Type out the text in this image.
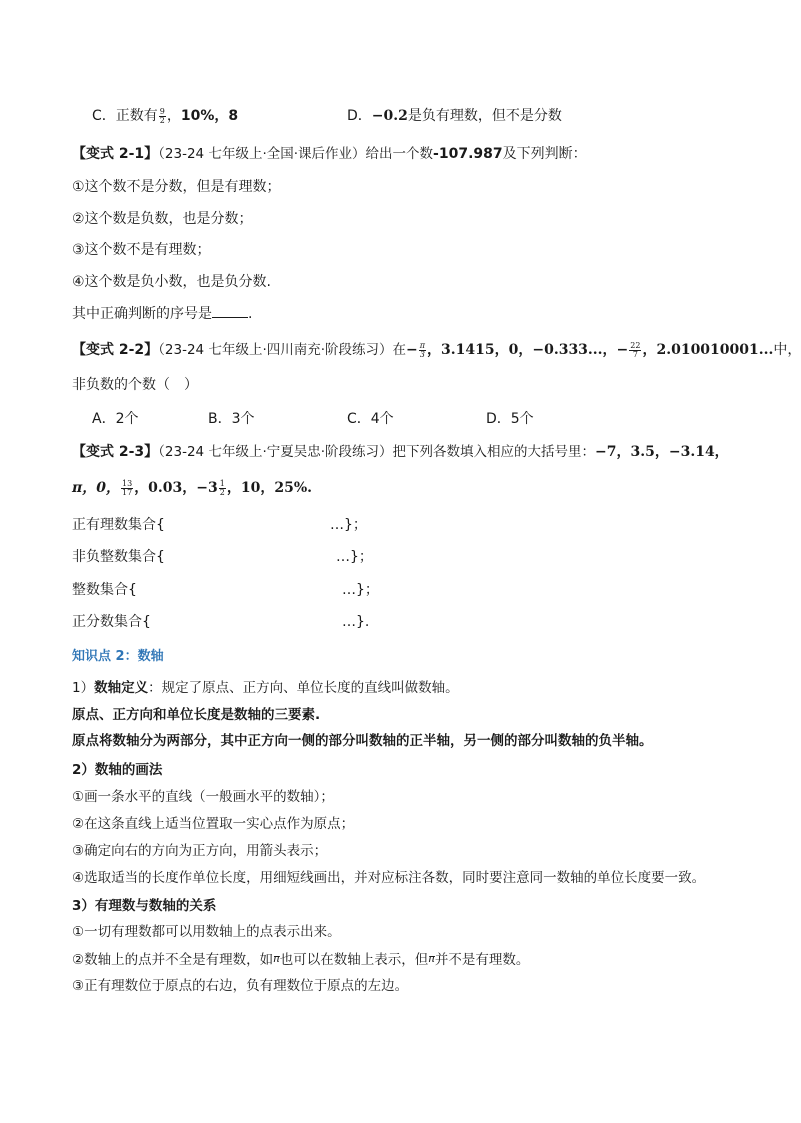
C．正数有 $\frac{9}{2}$ ，10%，8	D．−0.2是负有理数，但不是分数
【变式 2-1】（23-24 七年级上·全国·课后作业）给出一个数-107.987及下列判断：
①这个数不是分数，但是有理数；
②这个数是负数，也是分数；
③这个数不是有理数；
④这个数是负小数，也是负分数.
其中正确判断的序号是	.
【变式 2-2】（23-24 七年级上·四川南充·阶段练习）在− $\frac{\pi}{3}$ ，3.1415，0，−0.333...，− $\frac{22}{7}$ ，2.010010001...中，
非负数的个数（　）
A．2个	B．3个	C．4个	D．5个
【变式 2-3】（23-24 七年级上·宁夏吴忠·阶段练习）把下列各数填入相应的大括号里：−7，3.5，−3.14，
π，0， $\frac{13}{17}$ ，0.03，$-3 \frac{1}{2}$ ，10，25%.
正有理数集合{	…}；
非负整数集合{	…}；
整数集合{	…}；
正分数集合{	…}.
知识点 2：数轴
1）数轴定义：规定了原点、正方向、单位长度的直线叫做数轴。
原点、正方向和单位长度是数轴的三要素.
原点将数轴分为两部分，其中正方向一侧的部分叫数轴的正半轴，另一侧的部分叫数轴的负半轴。
2）数轴的画法
①画一条水平的直线（一般画水平的数轴）；
②在这条直线上适当位置取一实心点作为原点；
③确定向右的方向为正方向，用箭头表示；
④选取适当的长度作单位长度，用细短线画出，并对应标注各数，同时要注意同一数轴的单位长度要一致。
3）有理数与数轴的关系
①一切有理数都可以用数轴上的点表示出来。
②数轴上的点并不全是有理数，如π也可以在数轴上表示，但π并不是有理数。
③正有理数位于原点的右边，负有理数位于原点的左边。
